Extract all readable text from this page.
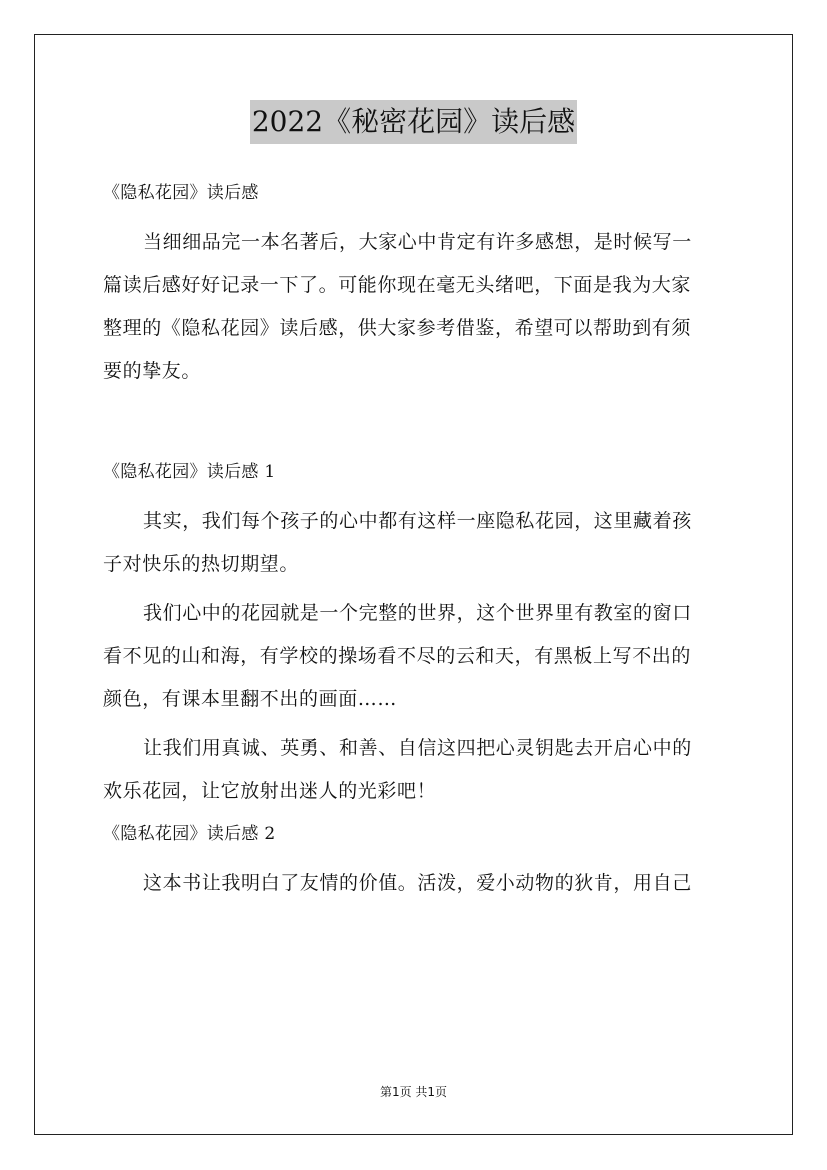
2022《秘密花园》读后感
《隐私花园》读后感
当细细品完一本名著后，大家心中肯定有许多感想，是时候写一
篇读后感好好记录一下了。可能你现在毫无头绪吧，下面是我为大家
整理的《隐私花园》读后感，供大家参考借鉴，希望可以帮助到有须
要的挚友。
《隐私花园》读后感 1
其实，我们每个孩子的心中都有这样一座隐私花园，这里藏着孩
子对快乐的热切期望。
我们心中的花园就是一个完整的世界，这个世界里有教室的窗口
看不见的山和海，有学校的操场看不尽的云和天，有黑板上写不出的
颜色，有课本里翻不出的画面……
让我们用真诚、英勇、和善、自信这四把心灵钥匙去开启心中的
欢乐花园，让它放射出迷人的光彩吧！
《隐私花园》读后感 2
这本书让我明白了友情的价值。活泼，爱小动物的狄肯，用自己
第1页 共1页
